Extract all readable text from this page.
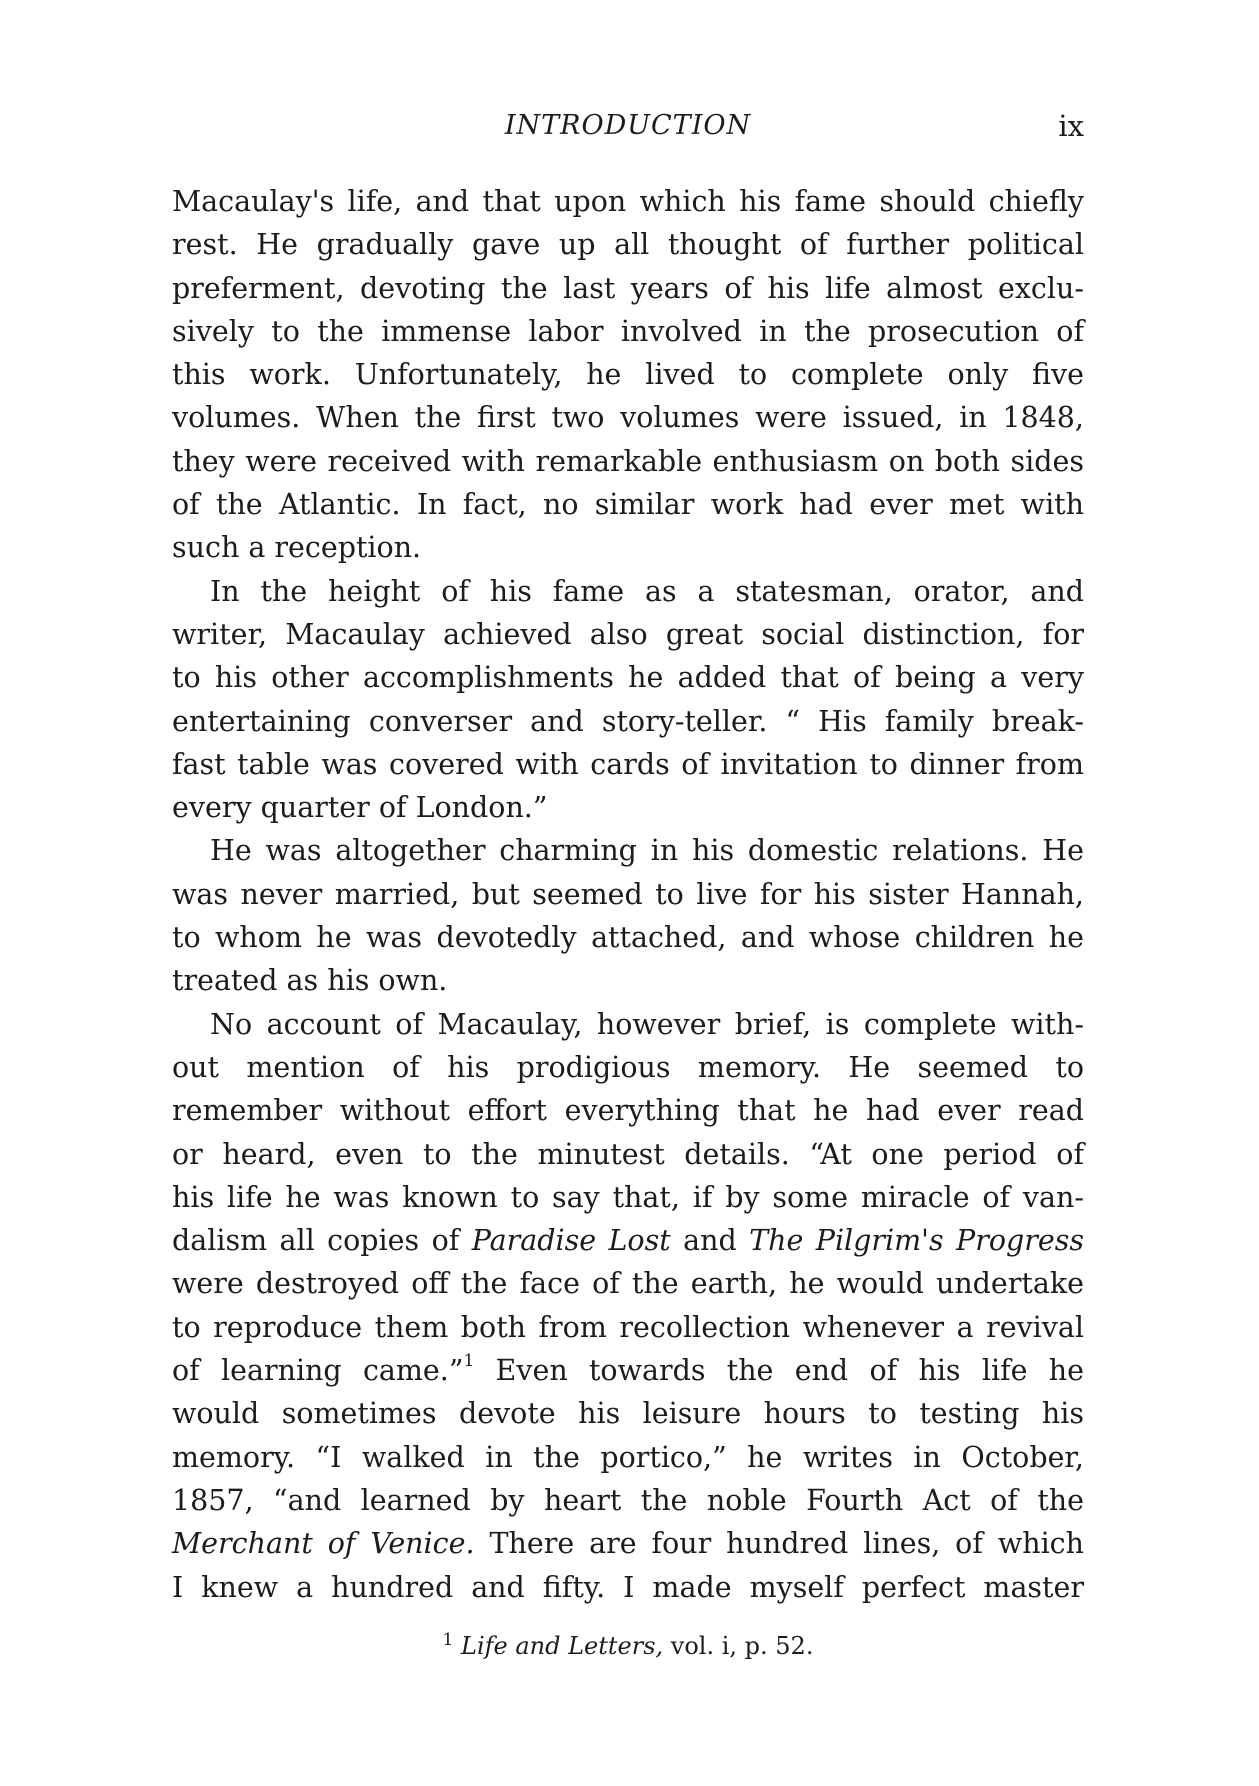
INTRODUCTION	ix
Macaulay's life, and that upon which his fame should chiefly
rest. He gradually gave up all thought of further political
preferment, devoting the last years of his life almost exclu-
sively to the immense labor involved in the prosecution of
this work. Unfortunately, he lived to complete only five
volumes. When the first two volumes were issued, in 1848,
they were received with remarkable enthusiasm on both sides
of the Atlantic. In fact, no similar work had ever met with
such a reception.
In the height of his fame as a statesman, orator, and
writer, Macaulay achieved also great social distinction, for
to his other accomplishments he added that of being a very
entertaining converser and story-teller. “ His family break-
fast table was covered with cards of invitation to dinner from
every quarter of London.”
He was altogether charming in his domestic relations. He
was never married, but seemed to live for his sister Hannah,
to whom he was devotedly attached, and whose children he
treated as his own.
No account of Macaulay, however brief, is complete with-
out mention of his prodigious memory. He seemed to
remember without effort everything that he had ever read
or heard, even to the minutest details. “At one period of
his life he was known to say that, if by some miracle of van-
dalism all copies of Paradise Lost and The Pilgrim's Progress
were destroyed off the face of the earth, he would undertake
to reproduce them both from recollection whenever a revival
of learning came.”$^1$ Even towards the end of his life he
would sometimes devote his leisure hours to testing his
memory. “I walked in the portico,” he writes in October,
1857, “and learned by heart the noble Fourth Act of the
Merchant of Venice. There are four hundred lines, of which
I knew a hundred and fifty. I made myself perfect master
$^1$ Life and Letters, vol. i, p. 52.
